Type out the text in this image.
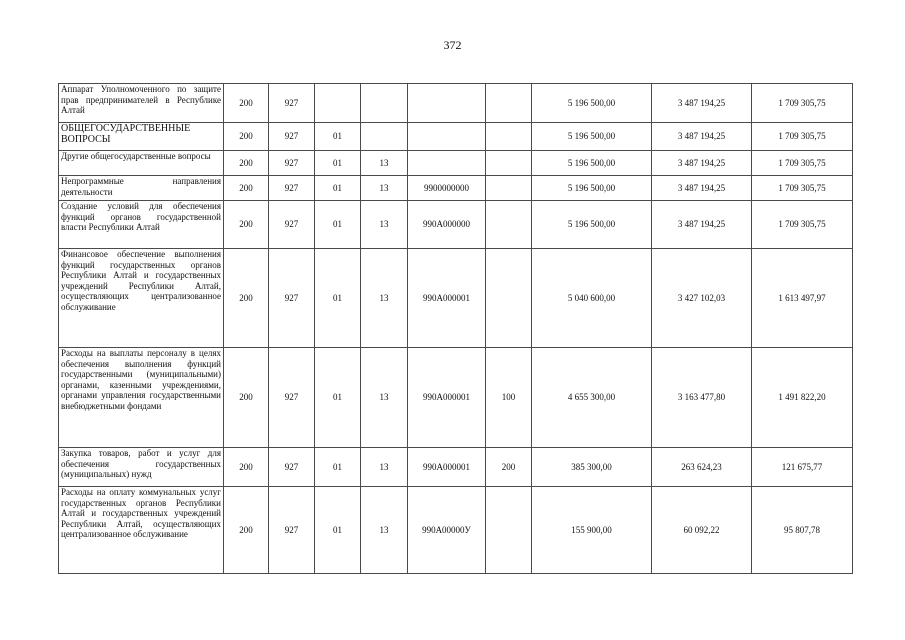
372
Аппарат Уполномоченного по защите прав предпринимателей в Республике Алтай	200	927					5 196 500,00	3 487 194,25	1 709 305,75
ОБЩЕГОСУДАРСТВЕННЫЕ ВОПРОСЫ	200	927	01				5 196 500,00	3 487 194,25	1 709 305,75
Другие общегосударственные вопросы	200	927	01	13			5 196 500,00	3 487 194,25	1 709 305,75
Непрограммные направления деятельности	200	927	01	13	9900000000		5 196 500,00	3 487 194,25	1 709 305,75
Создание условий для обеспечения функций органов государственной власти Республики Алтай	200	927	01	13	990А000000		5 196 500,00	3 487 194,25	1 709 305,75
Финансовое обеспечение выполнения функций государственных органов Республики Алтай и государственных учреждений Республики Алтай, осуществляющих централизованное обслуживание	200	927	01	13	990А000001		5 040 600,00	3 427 102,03	1 613 497,97
Расходы на выплаты персоналу в целях обеспечения выполнения функций государственными (муниципальными) органами, казенными учреждениями, органами управления государственными внебюджетными фондами	200	927	01	13	990А000001	100	4 655 300,00	3 163 477,80	1 491 822,20
Закупка товаров, работ и услуг для обеспечения государственных (муниципальных) нужд	200	927	01	13	990А000001	200	385 300,00	263 624,23	121 675,77
Расходы на оплату коммунальных услуг государственных органов Республики Алтай и государственных учреждений Республики Алтай, осуществляющих централизованное обслуживание	200	927	01	13	990А00000У		155 900,00	60 092,22	95 807,78
